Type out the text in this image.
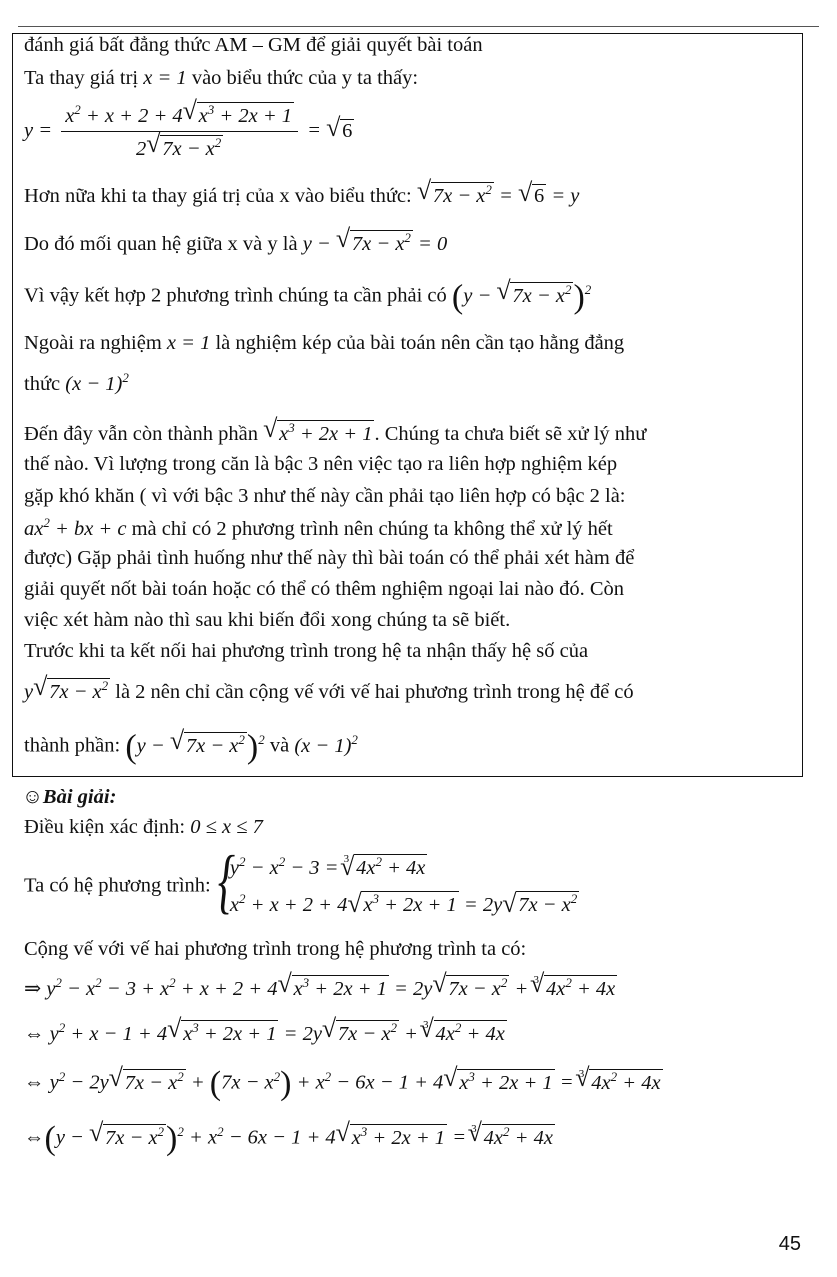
đánh giá bất đẳng thức AM – GM để giải quyết bài toán
Ta thay giá trị x = 1 vào biểu thức của y ta thấy:
$y = \frac{x^2 + x + 2 + 4√ x^3 + 2x + 1}{2√ 7x - x^2}$ = √ 6
Hơn nữa khi ta thay giá trị của x vào biểu thức: √ $7x - x^2$ = √ 6 = y
Do đó mối quan hệ giữa x và y là y − √ $7x - x^2 = 0$
Vì vậy kết hợp 2 phương trình chúng ta cần phải có (y − √ $7x - x^2)^2$
Ngoài ra nghiệm x = 1 là nghiệm kép của bài toán nên cần tạo hằng đẳng
thức $(x - 1)^2$
Đến đây vẫn còn thành phần √ $x^3 + 2x + 1$. Chúng ta chưa biết sẽ xử lý như
thế nào. Vì lượng trong căn là bậc 3 nên việc tạo ra liên hợp nghiệm kép
gặp khó khăn ( vì với bậc 3 như thế này cần phải tạo liên hợp có bậc 2 là:
$ax^2$ + bx + c mà chỉ có 2 phương trình nên chúng ta không thể xử lý hết
được) Gặp phải tình huống như thế này thì bài toán có thể phải xét hàm để
giải quyết nốt bài toán hoặc có thể có thêm nghiệm ngoại lai nào đó. Còn
việc xét hàm nào thì sau khi biến đổi xong chúng ta sẽ biết.
Trước khi ta kết nối hai phương trình trong hệ ta nhận thấy hệ số của
y√ $7x - x^2$ là 2 nên chỉ cần cộng vế với vế hai phương trình trong hệ để có
thành phần: (y − √ $7x - x^2)^2$ và $(x - 1)^2$
☺Bài giải:
Điều kiện xác định: 0 ≤ x ≤ 7
Ta có hệ phương trình:
{ $y^2 - x^2 - 3 = ^3√$ $4x^2 + 4x$
$x^2 + x + 2 + 4√$ $x^3 + 2x + 1 = 2y√$ $7x - x^2$
Cộng vế với vế hai phương trình trong hệ phương trình ta có:
⇒ $y^2 - x^2 - 3 + x^2 + x + 2 + 4√$ $x^3 + 2x + 1 = 2y√$ $7x - x^2 + ^3√$ $4x^2 + 4x$
⇔ $y^2 + x - 1 + 4√$ $x^3 + 2x + 1 = 2y√$ $7x - x^2 + ^3√$ $4x^2 + 4x$
⇔ $y^2 - 2y√$ $7x - x^2 + (7x - x^2) + x^2 - 6x - 1 + 4√$ $x^3 + 2x + 1 = ^3√$ $4x^2 + 4x$
⇔(y − √ $7x - x^2)^2 + x^2 - 6x - 1 + 4√$ $x^3 + 2x + 1 = ^3√$ $4x^2 + 4x$
45
